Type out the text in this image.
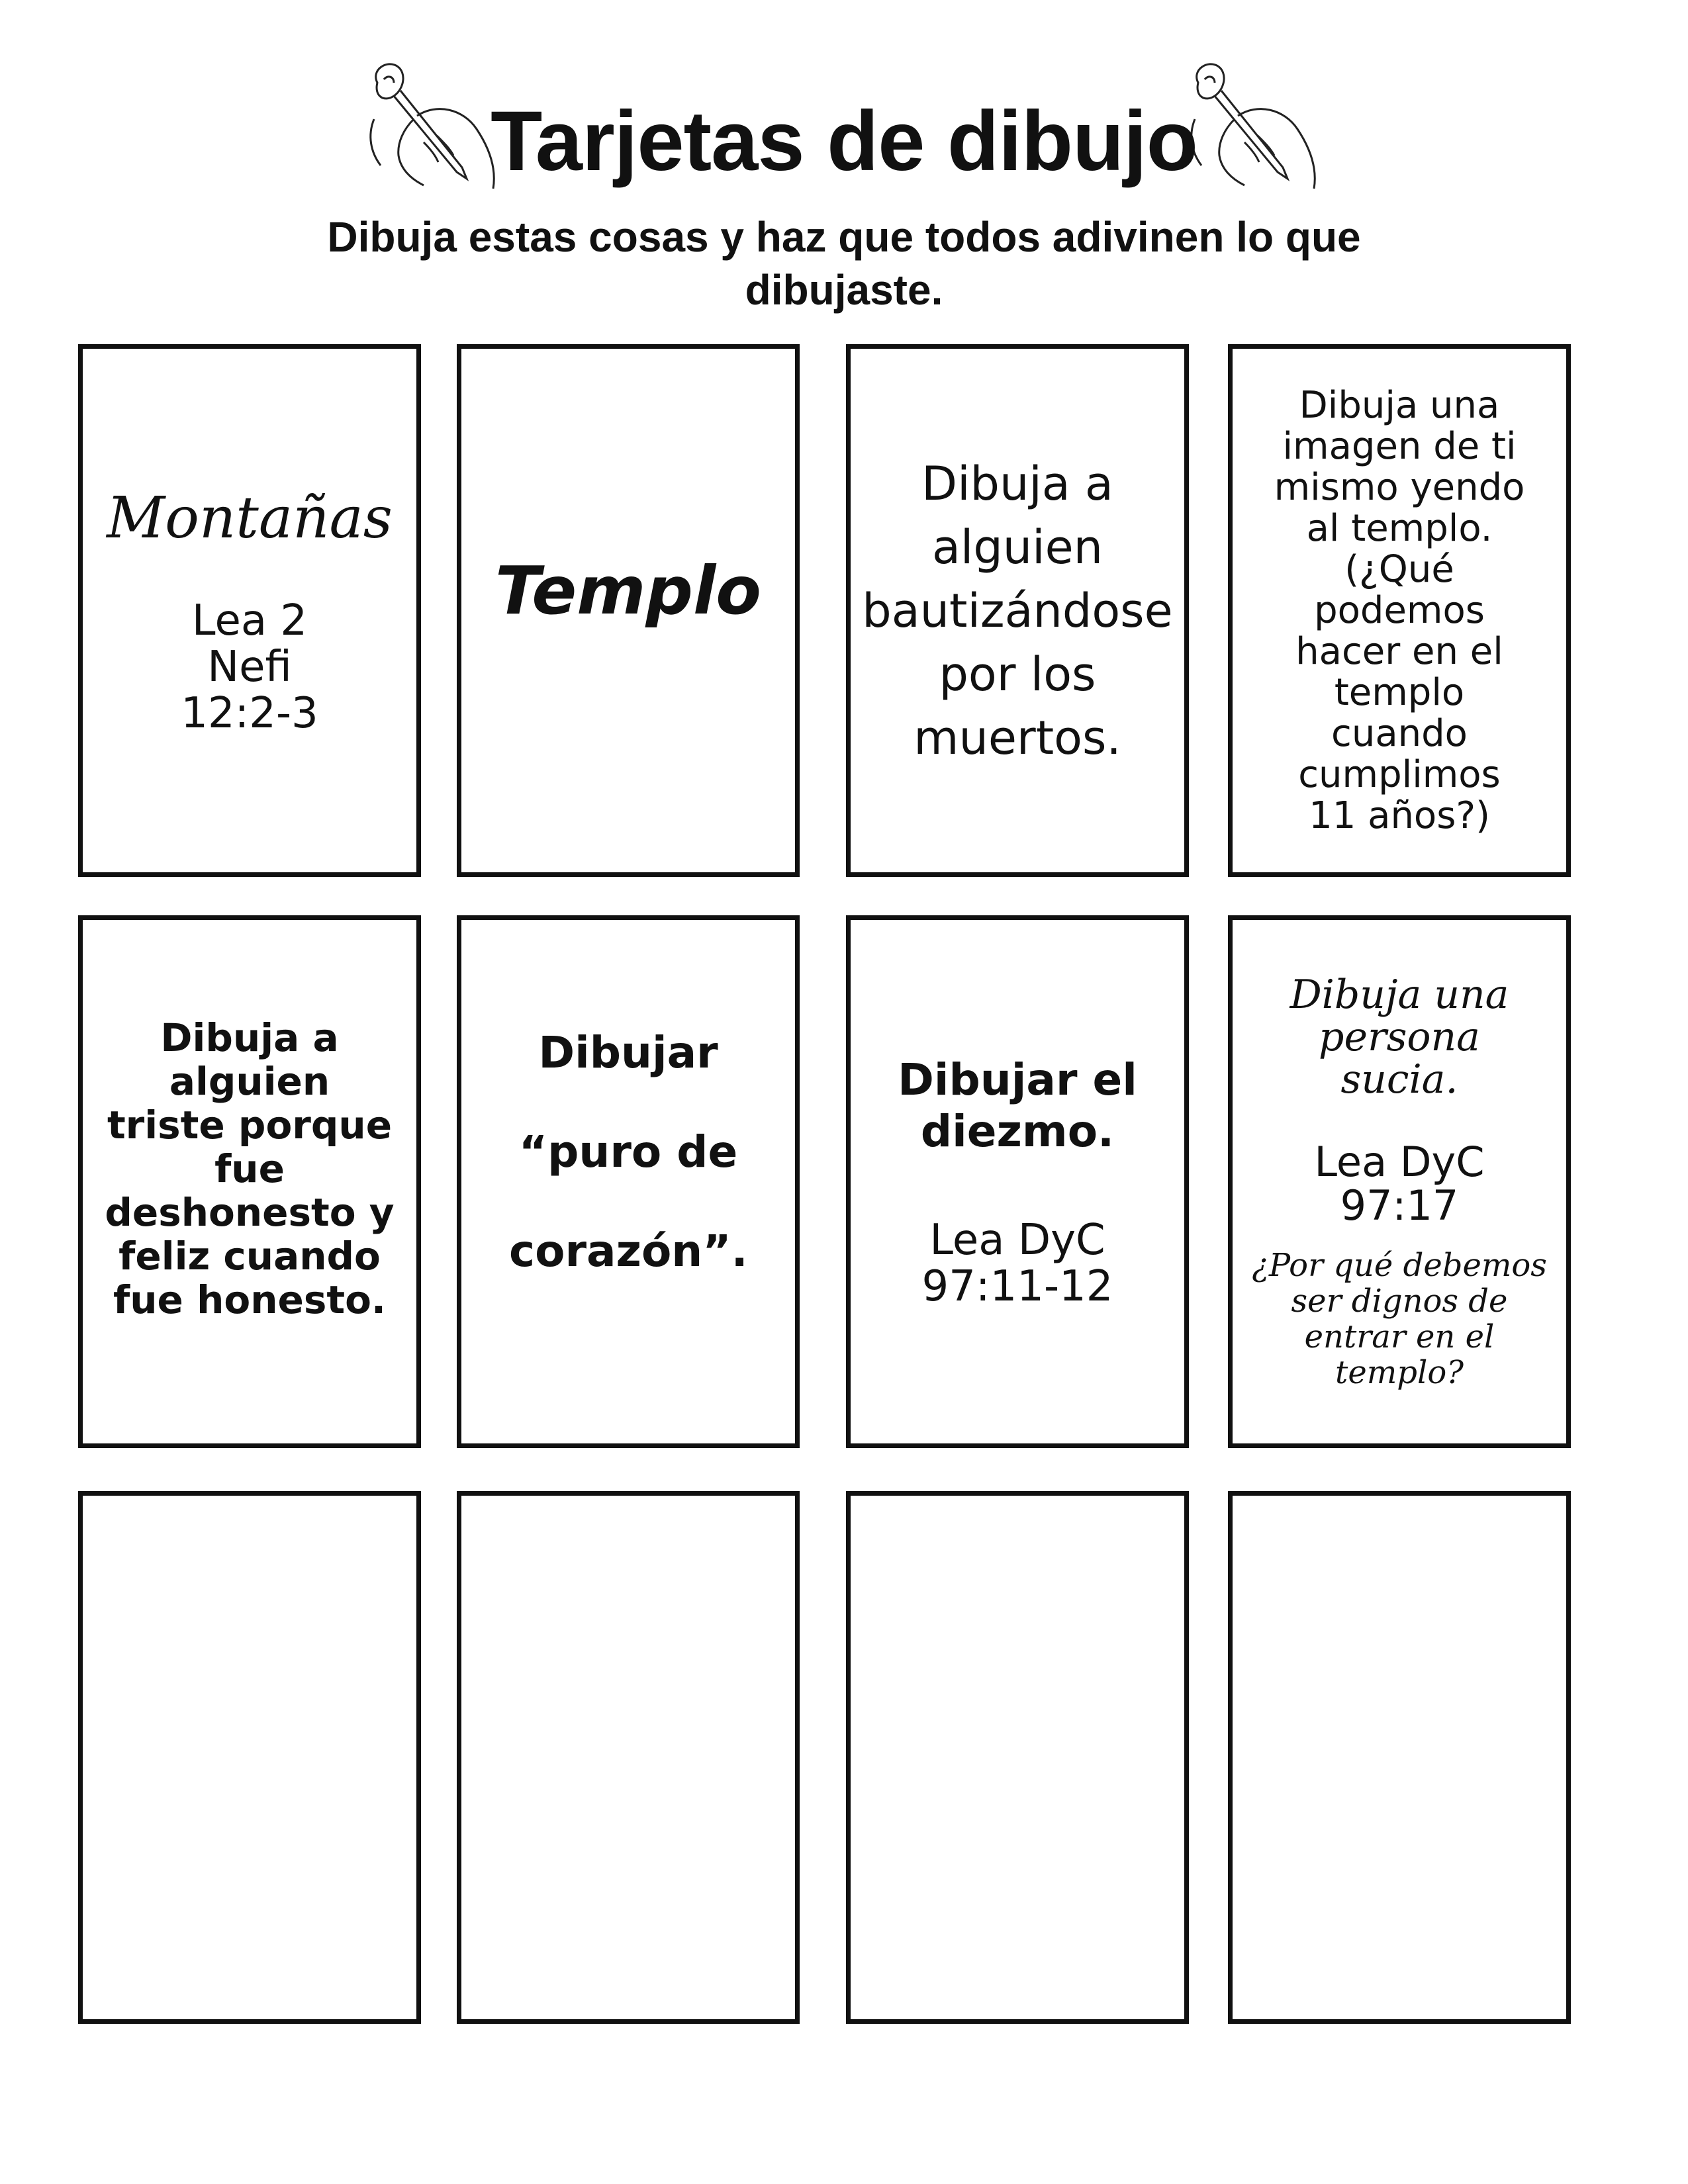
Tarjetas de dibujo
Dibuja estas cosas y haz que todos adivinen lo que dibujaste.
Montañas
Lea 2 Nefi 12:2-3
Templo
Dibuja a alguien bautizándose por los muertos.
Dibuja una imagen de ti mismo yendo al templo. (¿Qué podemos hacer en el templo cuando cumplimos 11 años?)
Dibuja a alguien triste porque fue deshonesto y feliz cuando fue honesto.
Dibujar “puro de corazón”.
Dibujar el diezmo.
Lea DyC 97:11-12
Dibuja una persona sucia.
Lea DyC 97:17
¿Por qué debemos ser dignos de entrar en el templo?
